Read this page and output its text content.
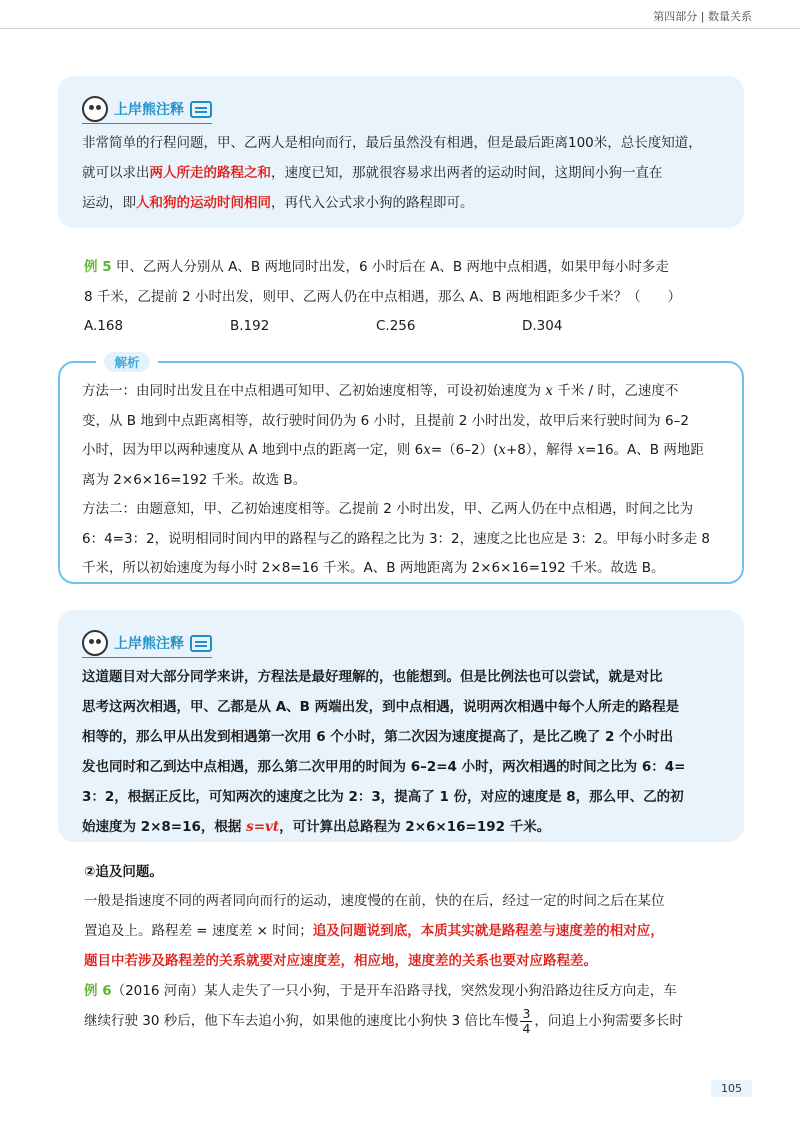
第四部分 | 数量关系
上岸熊注释

非常简单的行程问题，甲、乙两人是相向而行，最后虽然没有相遇，但是最后距离100米，总长度知道，
就可以求出两人所走的路程之和，速度已知，那就很容易求出两者的运动时间，这期间小狗一直在
运动，即人和狗的运动时间相同，再代入公式求小狗的路程即可。

例 5 甲、乙两人分别从 A、B 两地同时出发，6 小时后在 A、B 两地中点相遇，如果甲每小时多走
8 千米，乙提前 2 小时出发，则甲、乙两人仍在中点相遇，那么 A、B 两地相距多少千米？（　　）

A.168	B.192	C.256	D.304
解析

方法一：由同时出发且在中点相遇可知甲、乙初始速度相等，可设初始速度为 x 千米 / 时，乙速度不
变，从 B 地到中点距离相等，故行驶时间仍为 6 小时，且提前 2 小时出发，故甲后来行驶时间为 6–2
小时，因为甲以两种速度从 A 地到中点的距离一定，则 6x=（6–2）(x+8），解得 x=16。A、B 两地距
离为 2×6×16=192 千米。故选 B。
方法二：由题意知，甲、乙初始速度相等。乙提前 2 小时出发，甲、乙两人仍在中点相遇，时间之比为
6：4=3：2，说明相同时间内甲的路程与乙的路程之比为 3：2，速度之比也应是 3：2。甲每小时多走 8
千米，所以初始速度为每小时 2×8=16 千米。A、B 两地距离为 2×6×16=192 千米。故选 B。

上岸熊注释

这道题目对大部分同学来讲，方程法是最好理解的，也能想到。但是比例法也可以尝试，就是对比
思考这两次相遇，甲、乙都是从 A、B 两端出发，到中点相遇，说明两次相遇中每个人所走的路程是
相等的，那么甲从出发到相遇第一次用 6 个小时，第二次因为速度提高了，是比乙晚了 2 个小时出
发也同时和乙到达中点相遇，那么第二次甲用的时间为 6–2=4 小时，两次相遇的时间之比为 6：4=
3：2，根据正反比，可知两次的速度之比为 2：3，提高了 1 份，对应的速度是 8，那么甲、乙的初
始速度为 2×8=16，根据 s=vt，可计算出总路程为 2×6×16=192 千米。

②追及问题。

一般是指速度不同的两者同向而行的运动，速度慢的在前，快的在后，经过一定的时间之后在某位
置追及上。路程差 = 速度差 × 时间；追及问题说到底，本质其实就是路程差与速度差的相对应，
题目中若涉及路程差的关系就要对应速度差，相应地，速度差的关系也要对应路程差。
例 6（2016 河南）某人走失了一只小狗，于是开车沿路寻找，突然发现小狗沿路边往反方向走，车
继续行驶 30 秒后，他下车去追小狗，如果他的速度比小狗快 3 倍比车慢 $\frac{3}{4}$ ，问追上小狗需要多长时

105
